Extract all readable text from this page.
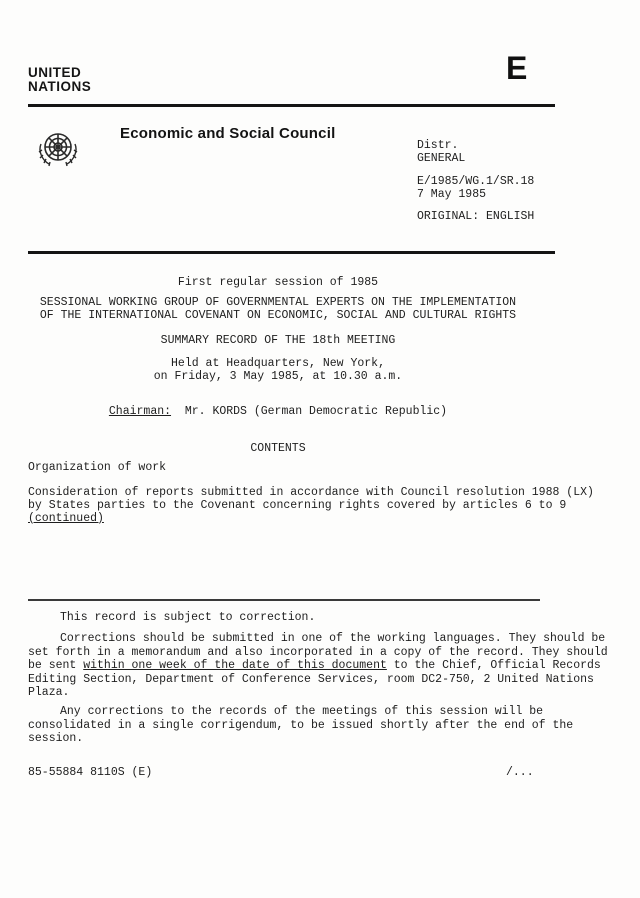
UNITED
NATIONS	E
Economic and Social Council
Distr.
GENERAL
E/1985/WG.1/SR.18
7 May 1985
ORIGINAL: ENGLISH
First regular session of 1985
SESSIONAL WORKING GROUP OF GOVERNMENTAL EXPERTS ON THE IMPLEMENTATION
OF THE INTERNATIONAL COVENANT ON ECONOMIC, SOCIAL AND CULTURAL RIGHTS
SUMMARY RECORD OF THE 18th MEETING
Held at Headquarters, New York,
on Friday, 3 May 1985, at 10.30 a.m.
Chairman:  Mr. KORDS (German Democratic Republic)
CONTENTS
Organization of work
Consideration of reports submitted in accordance with Council resolution 1988 (LX)
by States parties to the Covenant concerning rights covered by articles 6 to 9
(continued)
This record is subject to correction.
Corrections should be submitted in one of the working languages. They should be set forth in a memorandum and also incorporated in a copy of the record. They should be sent within one week of the date of this document to the Chief, Official Records Editing Section, Department of Conference Services, room DC2-750, 2 United Nations Plaza.
Any corrections to the records of the meetings of this session will be consolidated in a single corrigendum, to be issued shortly after the end of the session.
85-55884 8110S (E)	/...
